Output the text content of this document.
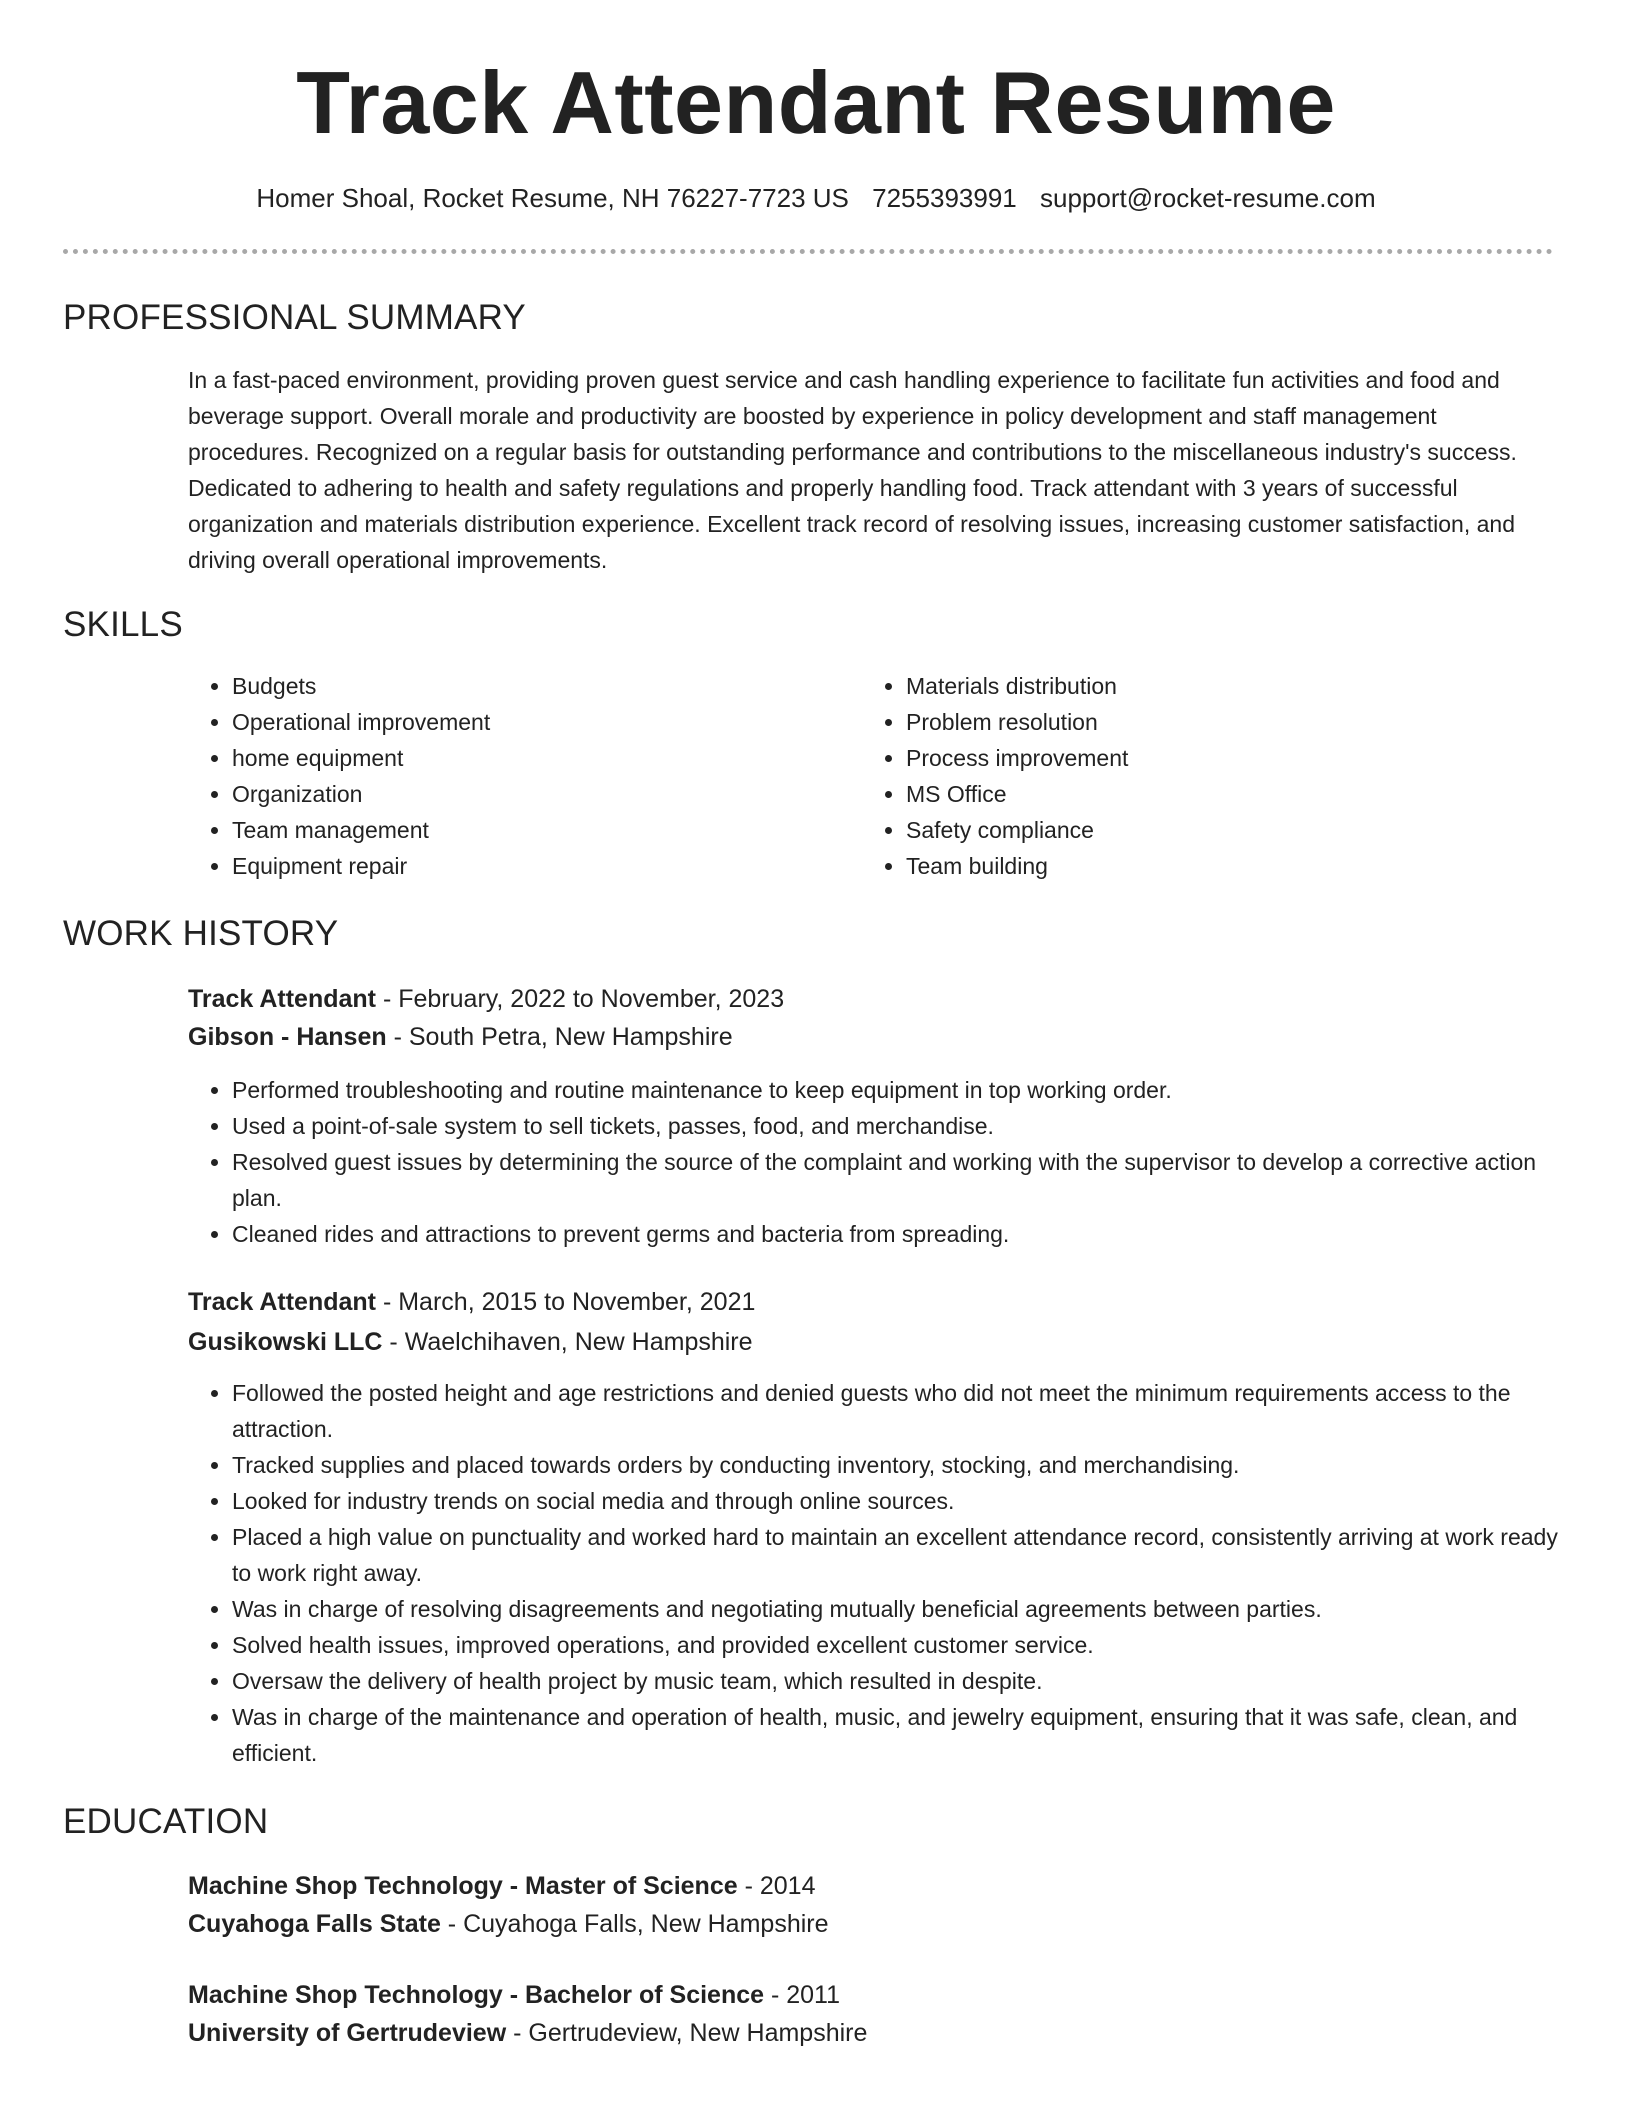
Track Attendant Resume
Homer Shoal, Rocket Resume, NH 76227-7723 US 7255393991 support@rocket-resume.com
PROFESSIONAL SUMMARY

In a fast-paced environment, providing proven guest service and cash handling experience to facilitate fun activities and food and beverage support. Overall morale and productivity are boosted by experience in policy development and staff management procedures. Recognized on a regular basis for outstanding performance and contributions to the miscellaneous industry's success. Dedicated to adhering to health and safety regulations and properly handling food. Track attendant with 3 years of successful organization and materials distribution experience. Excellent track record of resolving issues, increasing customer satisfaction, and driving overall operational improvements.

SKILLS
• Budgets
• Operational improvement
• home equipment
• Organization
• Team management
• Equipment repair
• Materials distribution
• Problem resolution
• Process improvement
• MS Office
• Safety compliance
• Team building
WORK HISTORY
Track Attendant - February, 2022 to November, 2023
Gibson - Hansen - South Petra, New Hampshire
• Performed troubleshooting and routine maintenance to keep equipment in top working order.
• Used a point-of-sale system to sell tickets, passes, food, and merchandise.
• Resolved guest issues by determining the source of the complaint and working with the supervisor to develop a corrective action plan.
• Cleaned rides and attractions to prevent germs and bacteria from spreading.
Track Attendant - March, 2015 to November, 2021
Gusikowski LLC - Waelchihaven, New Hampshire
• Followed the posted height and age restrictions and denied guests who did not meet the minimum requirements access to the attraction.
• Tracked supplies and placed towards orders by conducting inventory, stocking, and merchandising.
• Looked for industry trends on social media and through online sources.
• Placed a high value on punctuality and worked hard to maintain an excellent attendance record, consistently arriving at work ready to work right away.
• Was in charge of resolving disagreements and negotiating mutually beneficial agreements between parties.
• Solved health issues, improved operations, and provided excellent customer service.
• Oversaw the delivery of health project by music team, which resulted in despite.
• Was in charge of the maintenance and operation of health, music, and jewelry equipment, ensuring that it was safe, clean, and efficient.
EDUCATION
Machine Shop Technology - Master of Science - 2014
Cuyahoga Falls State - Cuyahoga Falls, New Hampshire
Machine Shop Technology - Bachelor of Science - 2011
University of Gertrudeview - Gertrudeview, New Hampshire
